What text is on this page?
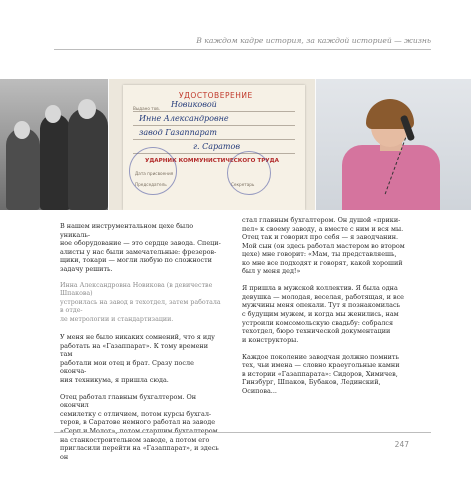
В каждом кадре история, за каждой историей — жизнь
УДОСТОВЕРЕНИЕ
Выдано тов. Новиковой
Инне Александровне
завод Газаппарат
г. Саратов
УДАРНИК КОММУНИСТИЧЕСКОГО ТРУДА
Дата присвоения
Председатель	Секретарь

В нашем инструментальном цехе было уникаль-
ное оборудование — это сердце завода. Специ-
алисты у нас были замечательные: фрезеров-
щики, токари — могли любую по сложности
задачу решить.

Инна Александровна Новикова (в девичестве Шпакова)
устроилась на завод в техотдел, затем работала в отде-
ле метрологии и стандартизации.

У меня не было никаких сомнений, что я иду
работать на «Газаппарат». К тому времени там
работали мои отец и брат. Сразу после оконча-
ния техникума, я пришла сюда.

Отец работал главным бухгалтером. Он окончил
семилетку с отличием, потом курсы бухгал-
теров, в Саратове немного работал на заводе
«Серп и Молот», потом старшим бухгалтером
на станкостроительном заводе, а потом его
пригласили перейти на «Газаппарат», и здесь он

стал главным бухгалтером. Он душой «прики-
пел» к своему заводу, а вместе с ним и вся мы.
Отец так и говорил про себя — я заводчанин.
Мой сын (он здесь работал мастером во втором
цехе) мне говорит: «Мам, ты представляешь,
ко мне все подходят и говорят, какой хороший
был у меня дед!»

Я пришла в мужской коллектив. Я была одна
девушка — молодая, веселая, работящая, и все
мужчины меня опекали. Тут я познакомилась
с будущим мужем, и когда мы женились, нам
устроили комсомольскую свадьбу: собрался
техотдел, бюро технической документации
и конструкторы.

Каждое поколение заводчан должно помнить
тех, чьи имена — словно краеугольные камни
в истории «Газаппарата»: Сидоров, Химичев,
Гинзбург, Шпаков, Бубаков, Лединский, Осипова...

247
